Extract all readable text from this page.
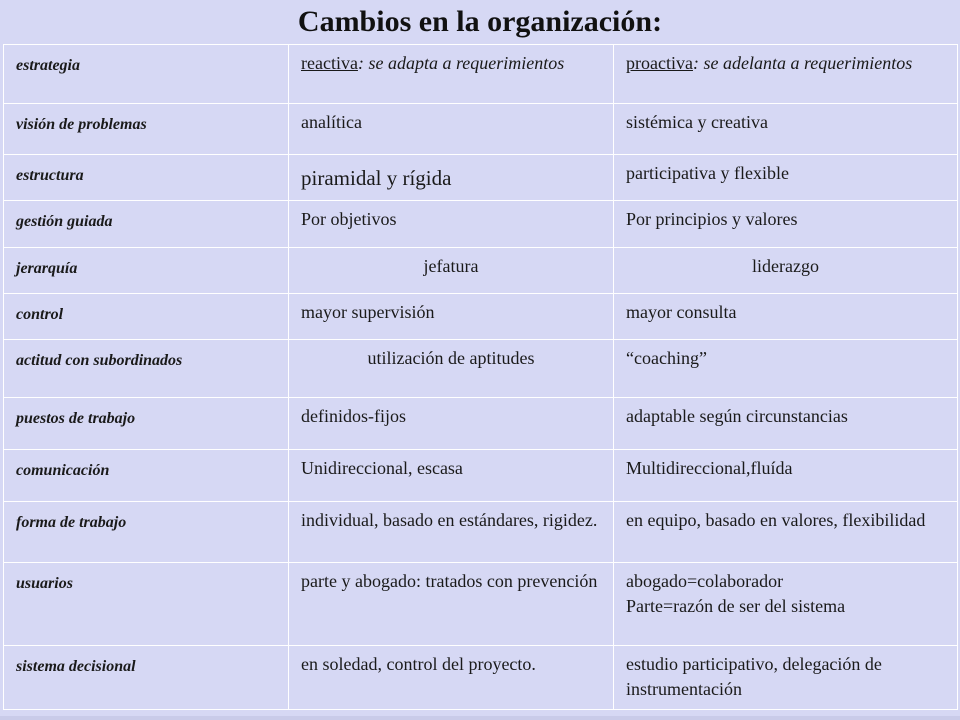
Cambios en la organización:
estrategia	reactiva: se adapta a requerimientos	proactiva: se adelanta a requerimientos
visión de problemas	analítica	sistémica y creativa
estructura	piramidal y rígida	participativa y flexible
gestión guiada	Por objetivos	Por principios y valores
jerarquía	jefatura	liderazgo
control	mayor supervisión	mayor consulta
actitud con subordinados	utilización de aptitudes	“coaching”
puestos de trabajo	definidos-fijos	adaptable según circunstancias
comunicación	Unidireccional, escasa	Multidireccional,fluída
forma de trabajo	individual, basado en estándares, rigidez.	en equipo, basado en valores, flexibilidad
usuarios	parte y abogado: tratados con prevención	abogado=colaborador
Parte=razón de ser del sistema
sistema decisional	en soledad, control del proyecto.	estudio participativo, delegación de instrumentación
